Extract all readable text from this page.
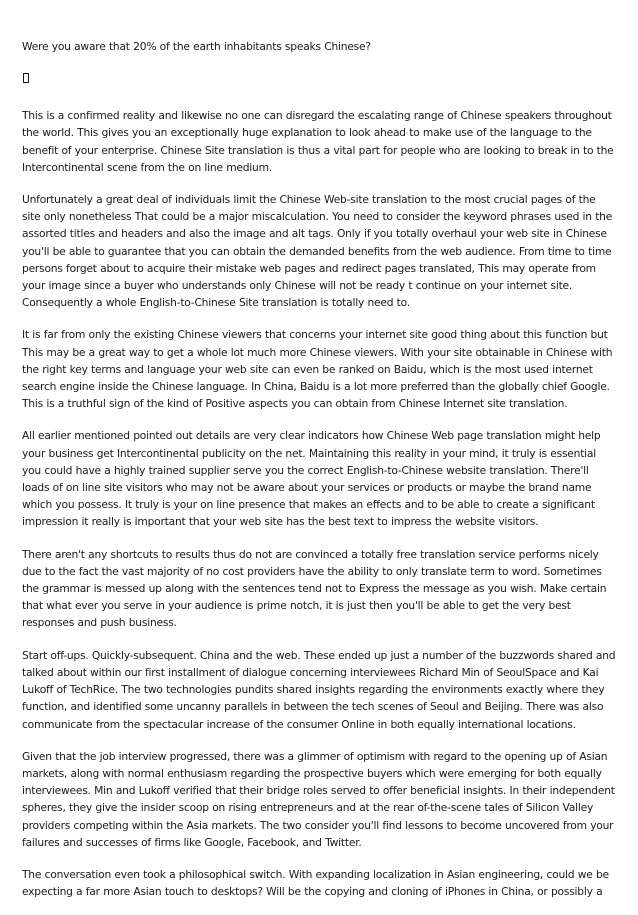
Were you aware that 20% of the earth inhabitants speaks Chinese?

This is a confirmed reality and likewise no one can disregard the escalating range of Chinese speakers throughout the world. This gives you an exceptionally huge explanation to look ahead to make use of the language to the benefit of your enterprise. Chinese Site translation is thus a vital part for people who are looking to break in to the Intercontinental scene from the on line medium.

Unfortunately a great deal of individuals limit the Chinese Web-site translation to the most crucial pages of the site only nonetheless That could be a major miscalculation. You need to consider the keyword phrases used in the assorted titles and headers and also the image and alt tags. Only if you totally overhaul your web site in Chinese you'll be able to guarantee that you can obtain the demanded benefits from the web audience. From time to time persons forget about to acquire their mistake web pages and redirect pages translated, This may operate from your image since a buyer who understands only Chinese will not be ready t continue on your internet site. Consequently a whole English-to-Chinese Site translation is totally need to.

It is far from only the existing Chinese viewers that concerns your internet site good thing about this function but This may be a great way to get a whole lot much more Chinese viewers. With your site obtainable in Chinese with the right key terms and language your web site can even be ranked on Baidu, which is the most used internet search engine inside the Chinese language. In China, Baidu is a lot more preferred than the globally chief Google. This is a truthful sign of the kind of Positive aspects you can obtain from Chinese Internet site translation.

All earlier mentioned pointed out details are very clear indicators how Chinese Web page translation might help your business get Intercontinental publicity on the net. Maintaining this reality in your mind, it truly is essential you could have a highly trained supplier serve you the correct English-to-Chinese website translation. There'll loads of on line site visitors who may not be aware about your services or products or maybe the brand name which you possess. It truly is your on line presence that makes an effects and to be able to create a significant impression it really is important that your web site has the best text to impress the website visitors.

There aren't any shortcuts to results thus do not are convinced a totally free translation service performs nicely due to the fact the vast majority of no cost providers have the ability to only translate term to word. Sometimes the grammar is messed up along with the sentences tend not to Express the message as you wish. Make certain that what ever you serve in your audience is prime notch, it is just then you'll be able to get the very best responses and push business.

Start off-ups. Quickly-subsequent. China and the web. These ended up just a number of the buzzwords shared and talked about within our first installment of dialogue concerning interviewees Richard Min of SeoulSpace and Kai Lukoff of TechRice. The two technologies pundits shared insights regarding the environments exactly where they function, and identified some uncanny parallels in between the tech scenes of Seoul and Beijing. There was also communicate from the spectacular increase of the consumer Online in both equally international locations.

Given that the job interview progressed, there was a glimmer of optimism with regard to the opening up of Asian markets, along with normal enthusiasm regarding the prospective buyers which were emerging for both equally interviewees. Min and Lukoff verified that their bridge roles served to offer beneficial insights. In their independent spheres, they give the insider scoop on rising entrepreneurs and at the rear of-the-scene tales of Silicon Valley providers competing within the Asia markets. The two consider you'll find lessons to become uncovered from your failures and successes of firms like Google, Facebook, and Twitter.

The conversation even took a philosophical switch. With expanding localization in Asian engineering, could we be expecting a far more Asian touch to desktops? Will be the copying and cloning of iPhones in China, or possibly a
